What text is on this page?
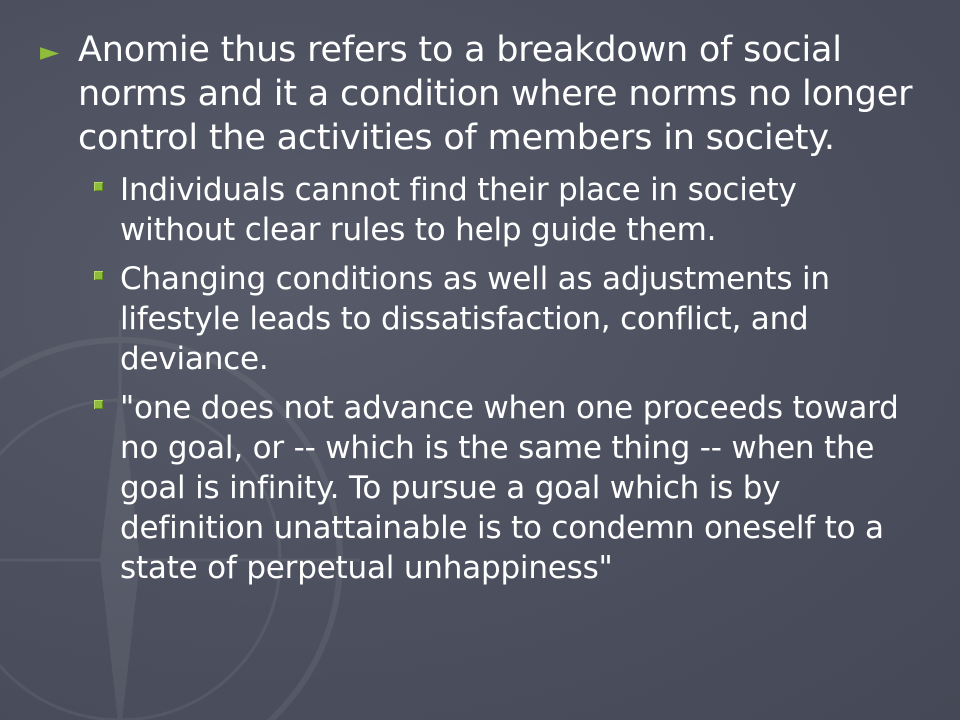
► Anomie thus refers to a breakdown of social norms and it a condition where norms no longer control the activities of members in society.
Individuals cannot find their place in society without clear rules to help guide them.
Changing conditions as well as adjustments in lifestyle leads to dissatisfaction, conflict, and deviance.
"one does not advance when one proceeds toward no goal, or -- which is the same thing -- when the goal is infinity. To pursue a goal which is by definition unattainable is to condemn oneself to a state of perpetual unhappiness"
